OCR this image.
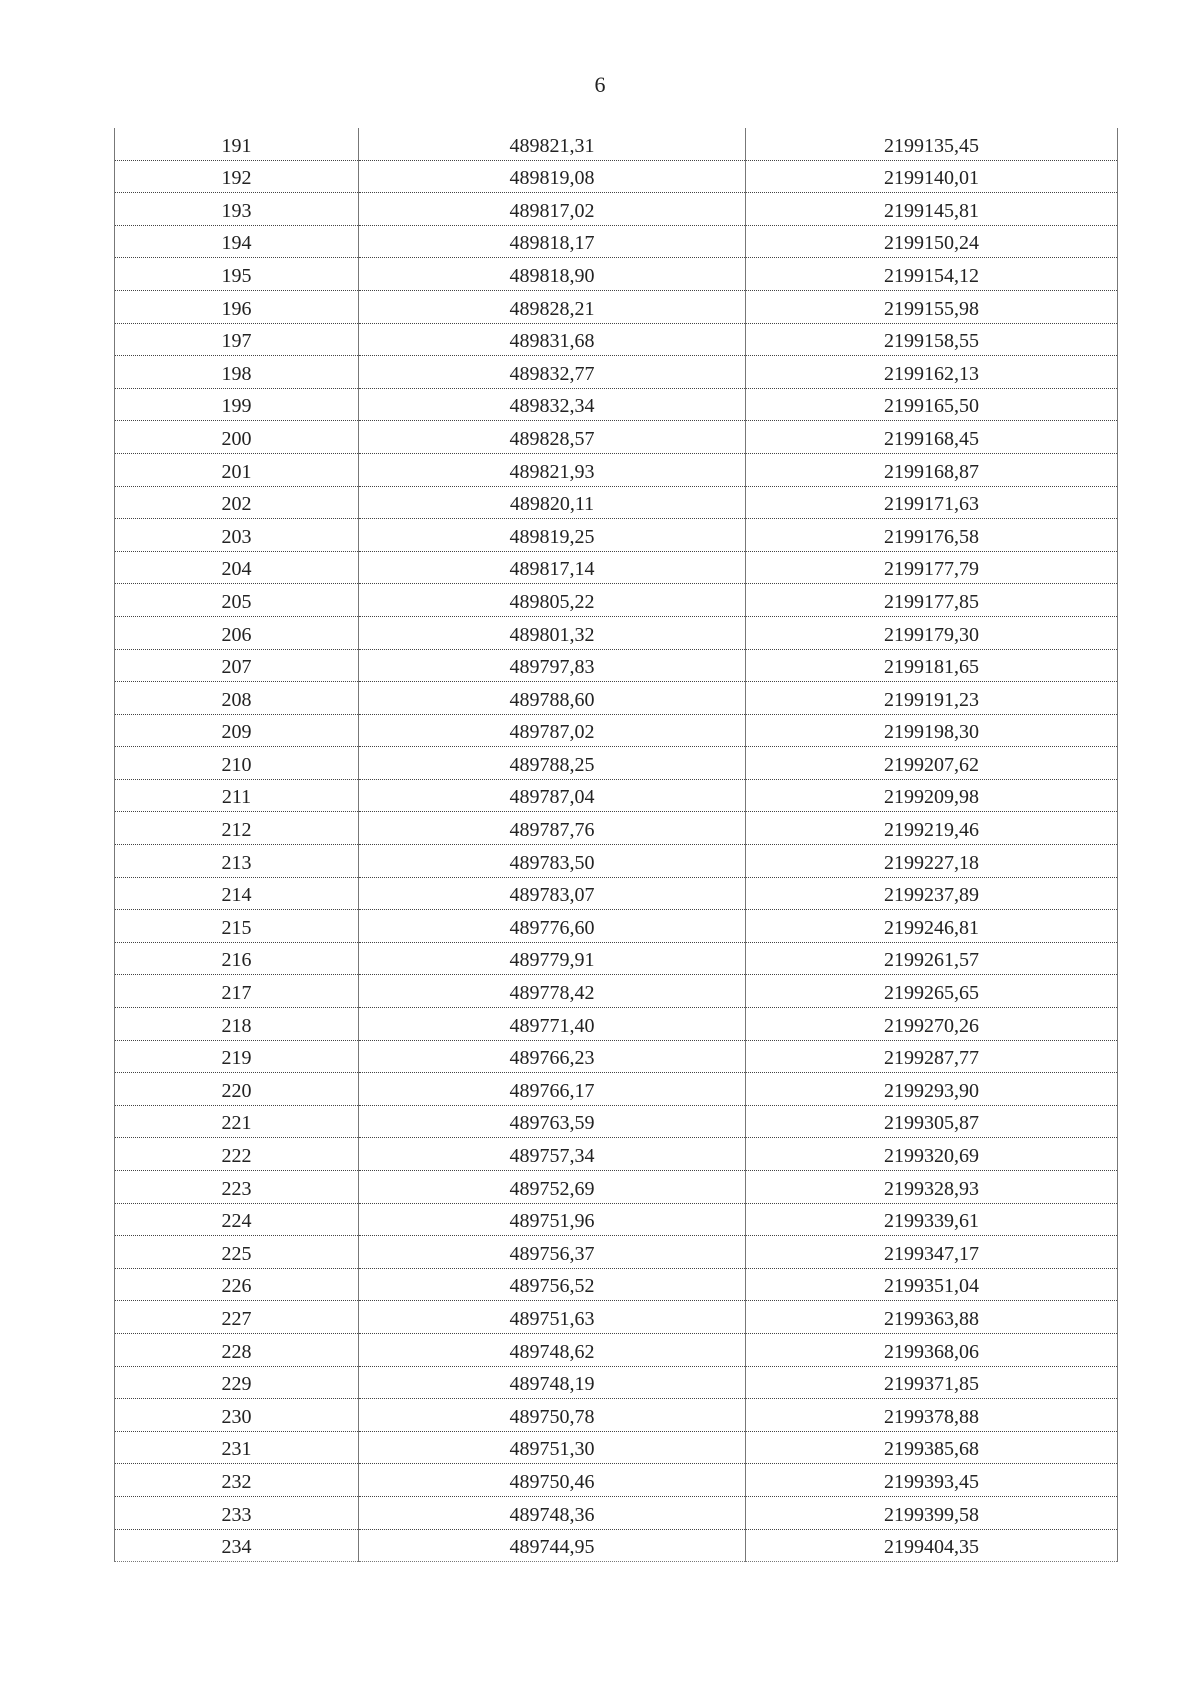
6
191	489821,31	2199135,45
192	489819,08	2199140,01
193	489817,02	2199145,81
194	489818,17	2199150,24
195	489818,90	2199154,12
196	489828,21	2199155,98
197	489831,68	2199158,55
198	489832,77	2199162,13
199	489832,34	2199165,50
200	489828,57	2199168,45
201	489821,93	2199168,87
202	489820,11	2199171,63
203	489819,25	2199176,58
204	489817,14	2199177,79
205	489805,22	2199177,85
206	489801,32	2199179,30
207	489797,83	2199181,65
208	489788,60	2199191,23
209	489787,02	2199198,30
210	489788,25	2199207,62
211	489787,04	2199209,98
212	489787,76	2199219,46
213	489783,50	2199227,18
214	489783,07	2199237,89
215	489776,60	2199246,81
216	489779,91	2199261,57
217	489778,42	2199265,65
218	489771,40	2199270,26
219	489766,23	2199287,77
220	489766,17	2199293,90
221	489763,59	2199305,87
222	489757,34	2199320,69
223	489752,69	2199328,93
224	489751,96	2199339,61
225	489756,37	2199347,17
226	489756,52	2199351,04
227	489751,63	2199363,88
228	489748,62	2199368,06
229	489748,19	2199371,85
230	489750,78	2199378,88
231	489751,30	2199385,68
232	489750,46	2199393,45
233	489748,36	2199399,58
234	489744,95	2199404,35
